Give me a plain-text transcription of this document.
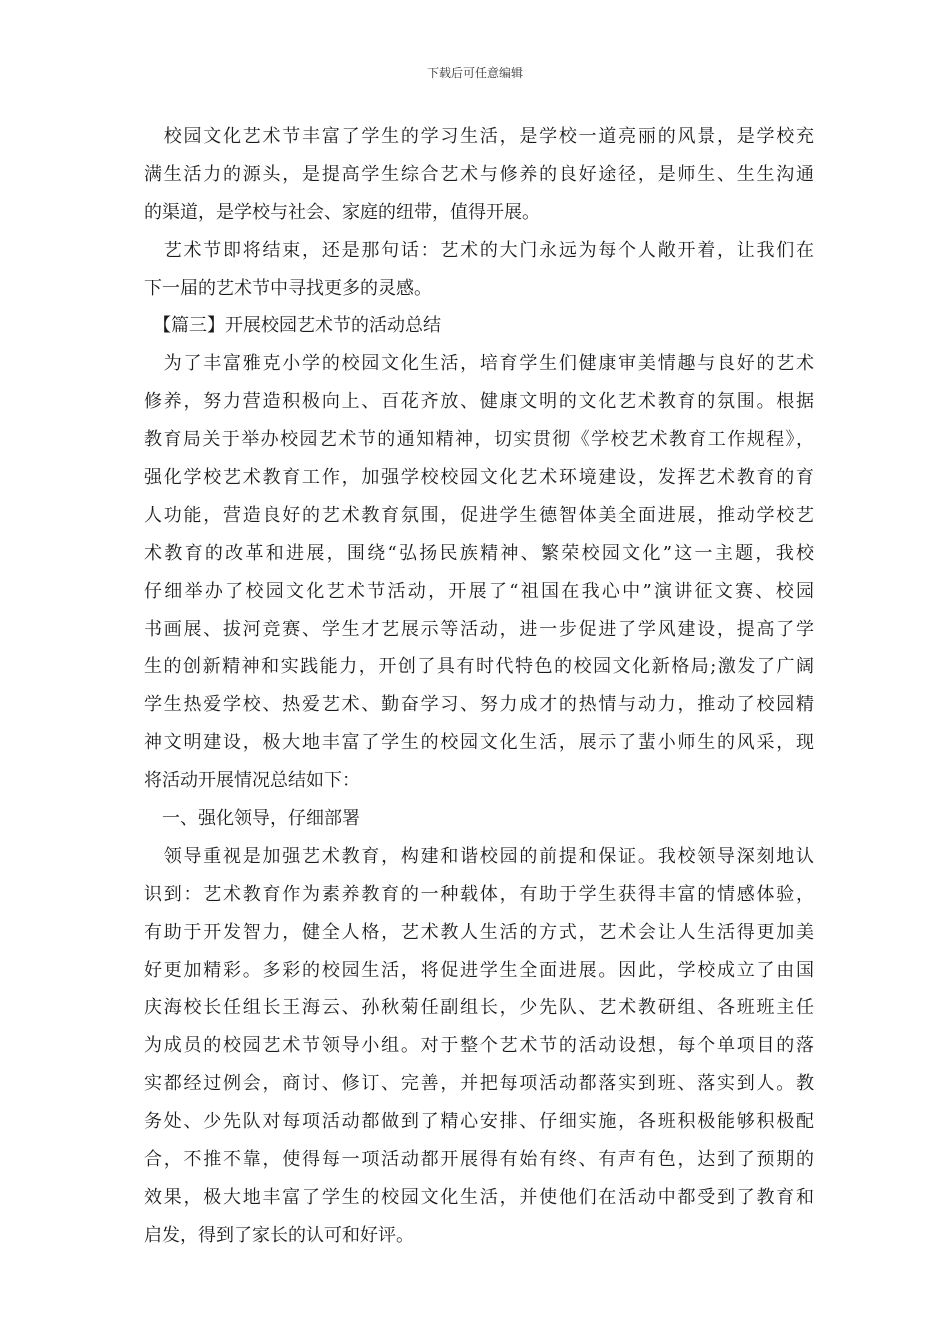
下载后可任意编辑
　校园文化艺术节丰富了学生的学习生活，是学校一道亮丽的风景，是学校充
满生活力的源头，是提高学生综合艺术与修养的良好途径，是师生、生生沟通
的渠道，是学校与社会、家庭的纽带，值得开展。
　艺术节即将结束，还是那句话：艺术的大门永远为每个人敞开着，让我们在
下一届的艺术节中寻找更多的灵感。
　【篇三】开展校园艺术节的活动总结
　为了丰富雅克小学的校园文化生活，培育学生们健康审美情趣与良好的艺术
修养，努力营造积极向上、百花齐放、健康文明的文化艺术教育的氛围。根据
教育局关于举办校园艺术节的通知精神，切实贯彻《学校艺术教育工作规程》，
强化学校艺术教育工作，加强学校校园文化艺术环境建设，发挥艺术教育的育
人功能，营造良好的艺术教育氛围，促进学生德智体美全面进展，推动学校艺
术教育的改革和进展，围绕“弘扬民族精神、繁荣校园文化”这一主题，我校
仔细举办了校园文化艺术节活动，开展了“祖国在我心中”演讲征文赛、校园
书画展、拔河竞赛、学生才艺展示等活动，进一步促进了学风建设，提高了学
生的创新精神和实践能力，开创了具有时代特色的校园文化新格局;激发了广阔
学生热爱学校、热爱艺术、勤奋学习、努力成才的热情与动力，推动了校园精
神文明建设，极大地丰富了学生的校园文化生活，展示了蜚小师生的风采，现
将活动开展情况总结如下：
　一、强化领导，仔细部署
　领导重视是加强艺术教育，构建和谐校园的前提和保证。我校领导深刻地认
识到：艺术教育作为素养教育的一种载体，有助于学生获得丰富的情感体验，
有助于开发智力，健全人格，艺术教人生活的方式，艺术会让人生活得更加美
好更加精彩。多彩的校园生活，将促进学生全面进展。因此，学校成立了由国
庆海校长任组长王海云、孙秋菊任副组长，少先队、艺术教研组、各班班主任
为成员的校园艺术节领导小组。对于整个艺术节的活动设想，每个单项目的落
实都经过例会，商讨、修订、完善，并把每项活动都落实到班、落实到人。教
务处、少先队对每项活动都做到了精心安排、仔细实施，各班积极能够积极配
合，不推不靠，使得每一项活动都开展得有始有终、有声有色，达到了预期的
效果，极大地丰富了学生的校园文化生活，并使他们在活动中都受到了教育和
启发，得到了家长的认可和好评。
